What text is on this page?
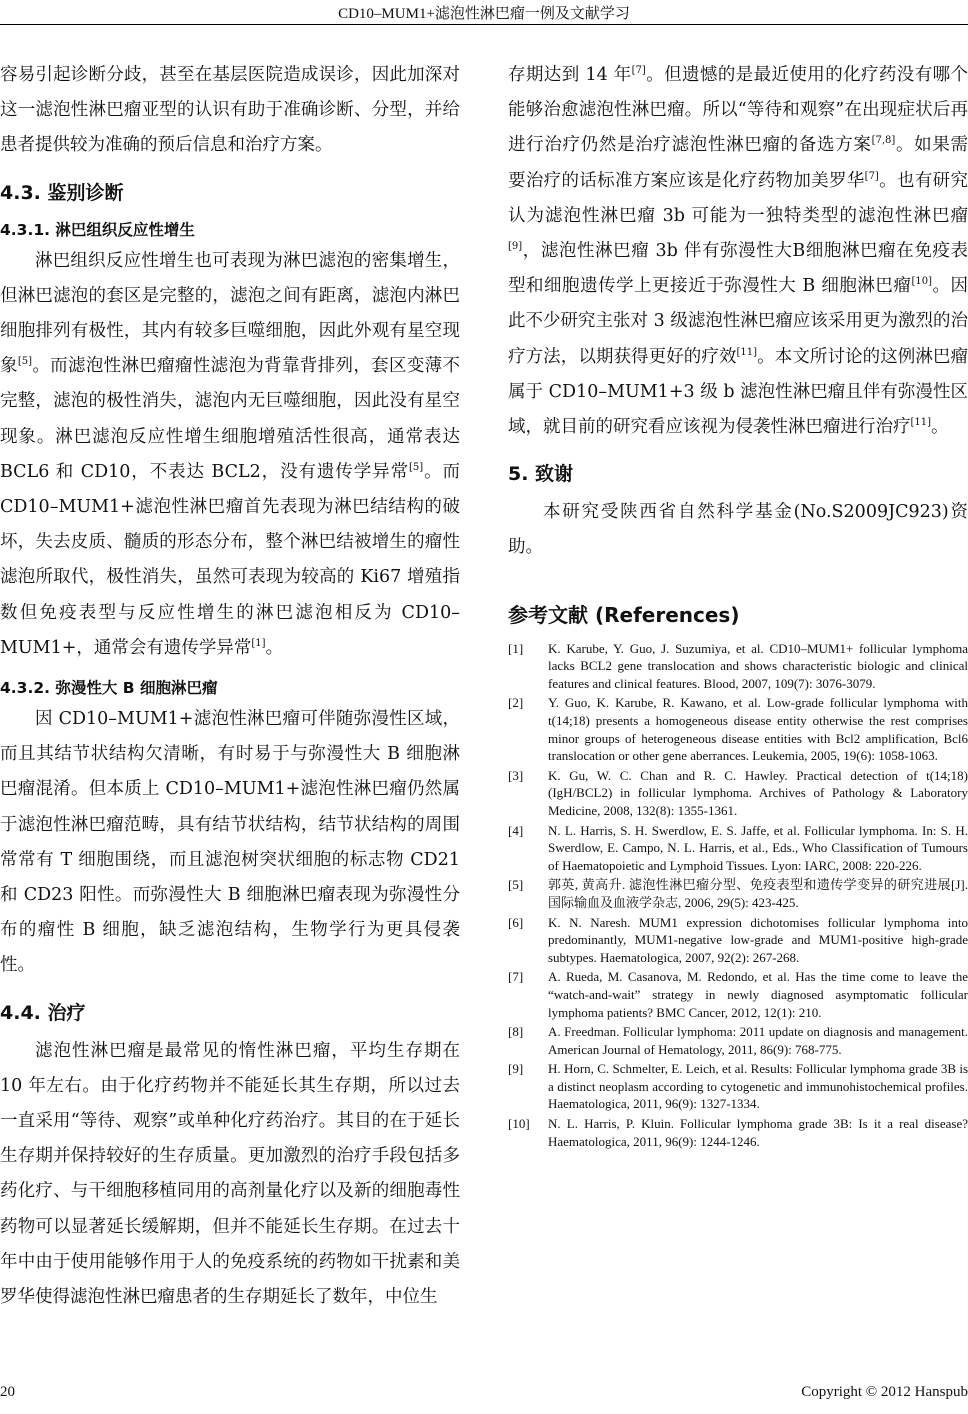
CD10–MUM1+滤泡性淋巴瘤一例及文献学习

容易引起诊断分歧，甚至在基层医院造成误诊，因此加深对这一滤泡性淋巴瘤亚型的认识有助于准确诊断、分型，并给患者提供较为准确的预后信息和治疗方案。

4.3. 鉴别诊断
4.3.1. 淋巴组织反应性增生

淋巴组织反应性增生也可表现为淋巴滤泡的密集增生，但淋巴滤泡的套区是完整的，滤泡之间有距离，滤泡内淋巴细胞排列有极性，其内有较多巨噬细胞，因此外观有星空现象[5]。而滤泡性淋巴瘤瘤性滤泡为背靠背排列，套区变薄不完整，滤泡的极性消失，滤泡内无巨噬细胞，因此没有星空现象。淋巴滤泡反应性增生细胞增殖活性很高，通常表达 BCL6 和 CD10，不表达 BCL2，没有遗传学异常[5]。而 CD10–MUM1+滤泡性淋巴瘤首先表现为淋巴结结构的破坏，失去皮质、髓质的形态分布，整个淋巴结被增生的瘤性滤泡所取代，极性消失，虽然可表现为较高的 Ki67 增殖指数但免疫表型与反应性增生的淋巴滤泡相反为 CD10–MUM1+，通常会有遗传学异常[1]。

4.3.2. 弥漫性大 B 细胞淋巴瘤

因 CD10–MUM1+滤泡性淋巴瘤可伴随弥漫性区域，而且其结节状结构欠清晰，有时易于与弥漫性大 B 细胞淋巴瘤混淆。但本质上 CD10–MUM1+滤泡性淋巴瘤仍然属于滤泡性淋巴瘤范畴，具有结节状结构，结节状结构的周围常常有 T 细胞围绕，而且滤泡树突状细胞的标志物 CD21 和 CD23 阳性。而弥漫性大 B 细胞淋巴瘤表现为弥漫性分布的瘤性 B 细胞，缺乏滤泡结构，生物学行为更具侵袭性。

4.4. 治疗

滤泡性淋巴瘤是最常见的惰性淋巴瘤，平均生存期在 10 年左右。由于化疗药物并不能延长其生存期，所以过去一直采用“等待、观察”或单种化疗药治疗。其目的在于延长生存期并保持较好的生存质量。更加激烈的治疗手段包括多药化疗、与干细胞移植同用的高剂量化疗以及新的细胞毒性药物可以显著延长缓解期，但并不能延长生存期。在过去十年中由于使用能够作用于人的免疫系统的药物如干扰素和美罗华使得滤泡性淋巴瘤患者的生存期延长了数年，中位生

存期达到 14 年[7]。但遗憾的是最近使用的化疗药没有哪个能够治愈滤泡性淋巴瘤。所以“等待和观察”在出现症状后再进行治疗仍然是治疗滤泡性淋巴瘤的备选方案[7,8]。如果需要治疗的话标准方案应该是化疗药物加美罗华[7]。也有研究认为滤泡性淋巴瘤 3b 可能为一独特类型的滤泡性淋巴瘤[9]，滤泡性淋巴瘤 3b 伴有弥漫性大B细胞淋巴瘤在免疫表型和细胞遗传学上更接近于弥漫性大 B 细胞淋巴瘤[10]。因此不少研究主张对 3 级滤泡性淋巴瘤应该采用更为激烈的治疗方法，以期获得更好的疗效[11]。本文所讨论的这例淋巴瘤属于 CD10–MUM1+3 级 b 滤泡性淋巴瘤且伴有弥漫性区域，就目前的研究看应该视为侵袭性淋巴瘤进行治疗[11]。

5. 致谢

本研究受陕西省自然科学基金(No.S2009JC923)资助。

参考文献 (References)
[1]	K. Karube, Y. Guo, J. Suzumiya, et al. CD10–MUM1+ follicular lymphoma lacks BCL2 gene translocation and shows characteristic biologic and clinical features and clinical features. Blood, 2007, 109(7): 3076-3079.
[2]	Y. Guo, K. Karube, R. Kawano, et al. Low-grade follicular lymphoma with t(14;18) presents a homogeneous disease entity otherwise the rest comprises minor groups of heterogeneous disease entities with Bcl2 amplification, Bcl6 translocation or other gene aberrances. Leukemia, 2005, 19(6): 1058-1063.
[3]	K. Gu, W. C. Chan and R. C. Hawley. Practical detection of t(14;18) (IgH/BCL2) in follicular lymphoma. Archives of Pathology & Laboratory Medicine, 2008, 132(8): 1355-1361.
[4]	N. L. Harris, S. H. Swerdlow, E. S. Jaffe, et al. Follicular lymphoma. In: S. H. Swerdlow, E. Campo, N. L. Harris, et al., Eds., Who Classification of Tumours of Haematopoietic and Lymphoid Tissues. Lyon: IARC, 2008: 220-226.
[5]	郭英, 黄高升. 滤泡性淋巴瘤分型、免疫表型和遗传学变异的研究进展[J]. 国际输血及血液学杂志, 2006, 29(5): 423-425.
[6]	K. N. Naresh. MUM1 expression dichotomises follicular lymphoma into predominantly, MUM1-negative low-grade and MUM1-positive high-grade subtypes. Haematologica, 2007, 92(2): 267-268.
[7]	A. Rueda, M. Casanova, M. Redondo, et al. Has the time come to leave the “watch-and-wait” strategy in newly diagnosed asymptomatic follicular lymphoma patients? BMC Cancer, 2012, 12(1): 210.
[8]	A. Freedman. Follicular lymphoma: 2011 update on diagnosis and management. American Journal of Hematology, 2011, 86(9): 768-775.
[9]	H. Horn, C. Schmelter, E. Leich, et al. Results: Follicular lymphoma grade 3B is a distinct neoplasm according to cytogenetic and immunohistochemical profiles. Haematologica, 2011, 96(9): 1327-1334.
[10]	N. L. Harris, P. Kluin. Follicular lymphoma grade 3B: Is it a real disease? Haematologica, 2011, 96(9): 1244-1246.
20	Copyright © 2012 Hanspub
